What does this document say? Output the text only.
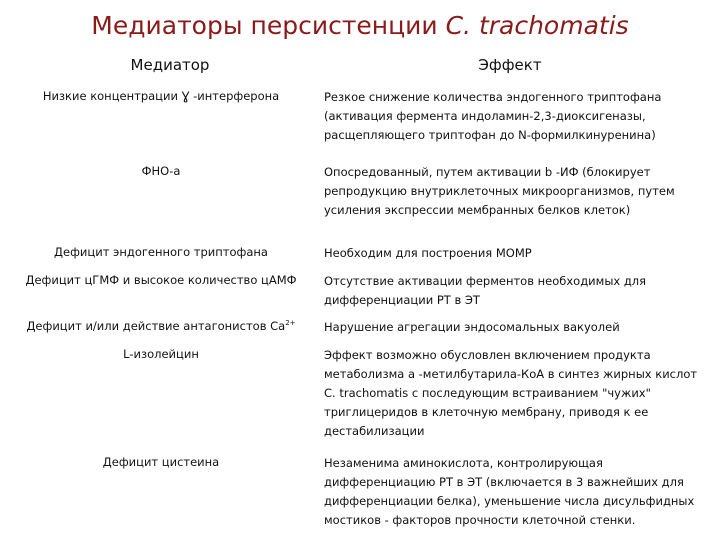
Медиаторы персистенции C. trachomatis
Медиатор	Эффект
Низкие концентрации Ɣ -интерферона	Резкое снижение количества эндогенного триптофана
(активация фермента индоламин-2,3-диоксигеназы,
расщепляющего триптофан до N-формилкинуренина)
ФНО-а	Опосредованный, путем активации b -ИФ (блокирует
репродукцию внутриклеточных микроорганизмов, путем
усиления экспрессии мембранных белков клеток)
Дефицит эндогенного триптофана	Необходим для построения МОМР
Дефицит цГМФ и высокое количество цАМФ	Отсутствие активации ферментов необходимых для
дифференциации РТ в ЭТ
Дефицит и/или действие антагонистов $Са^{2+}$	Нарушение агрегации эндосомальных вакуолей
L-изолейцин	Эффект возможно обусловлен включением продукта
метаболизма а -метилбутарила-КоА в синтез жирных кислот
C. trachomatis с последующим встраиванием "чужих"
триглицеридов в клеточную мембрану, приводя к ее
дестабилизации
Дефицит цистеина	Незаменима аминокислота, контролирующая
дифференциацию РТ в ЭТ (включается в 3 важнейших для
дифференциации белка), уменьшение числа дисульфидных
мостиков - факторов прочности клеточной стенки.
